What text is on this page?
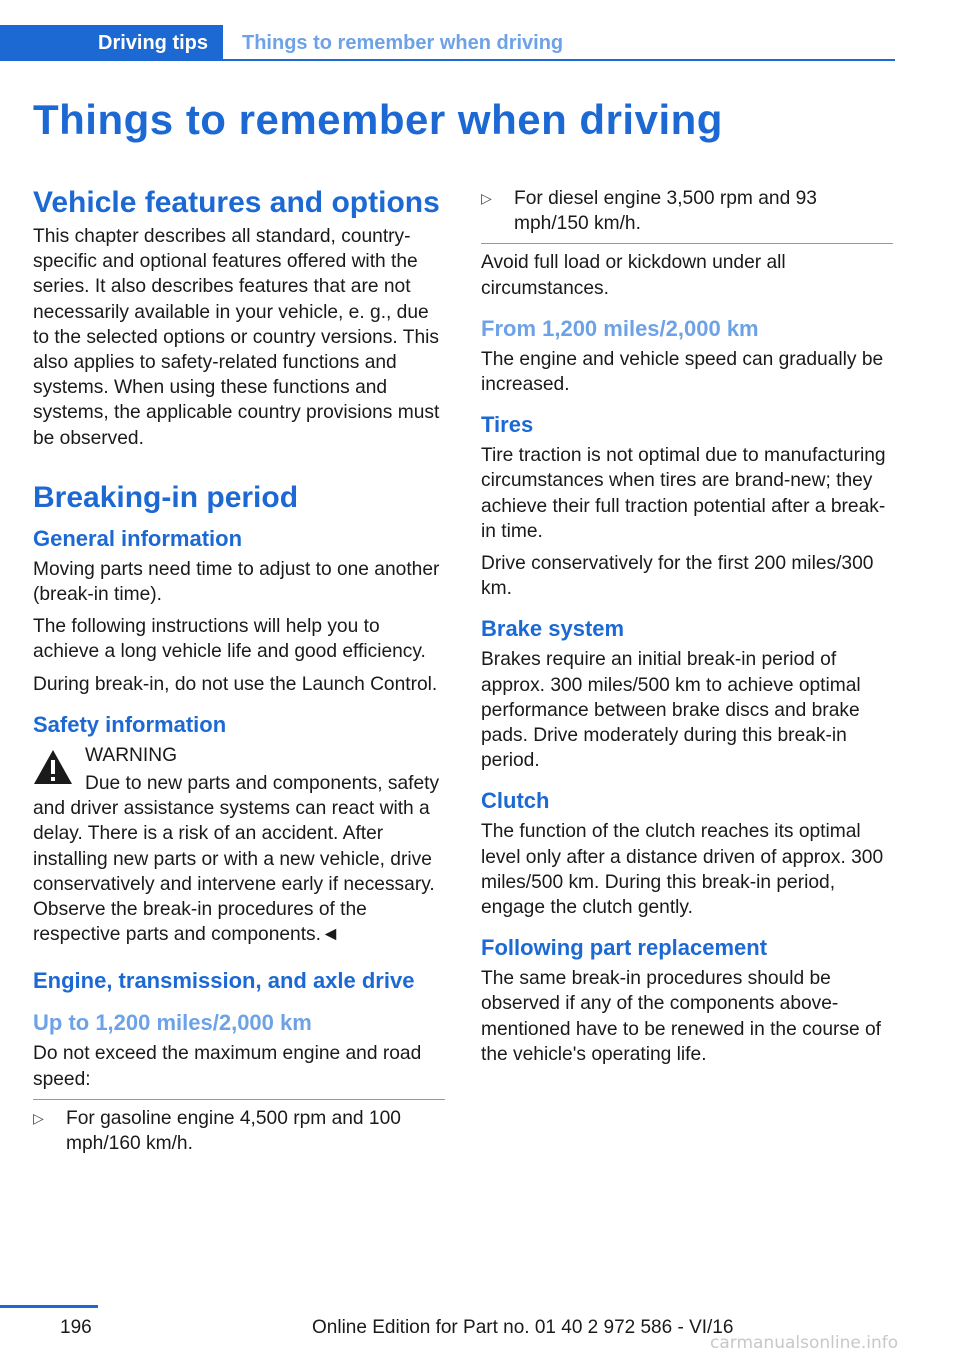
Driving tips	Things to remember when driving
Things to remember when driving
Vehicle features and options

This chapter describes all standard, country-specific and optional features offered with the series. It also describes features that are not necessarily available in your vehicle, e. g., due to the selected options or country versions. This also applies to safety-related functions and systems. When using these functions and systems, the applicable country provisions must be observed.

Breaking-in period
General information

Moving parts need time to adjust to one another (break-in time).

The following instructions will help you to achieve a long vehicle life and good efficiency.

During break-in, do not use the Launch Control.

Safety information

WARNING

Due to new parts and components, safety and driver assistance systems can react with a delay. There is a risk of an accident. After installing new parts or with a new vehicle, drive conservatively and intervene early if necessary. Observe the break-in procedures of the respective parts and components.◄

Engine, transmission, and axle drive
Up to 1,200 miles/2,000 km

Do not exceed the maximum engine and road speed:

▷ For gasoline engine 4,500 rpm and 100 mph/160 km/h.
▷ For diesel engine 3,500 rpm and 93 mph/150 km/h.

Avoid full load or kickdown under all circumstances.

From 1,200 miles/2,000 km

The engine and vehicle speed can gradually be increased.

Tires

Tire traction is not optimal due to manufacturing circumstances when tires are brand-new; they achieve their full traction potential after a break-in time.

Drive conservatively for the first 200 miles/300 km.

Brake system

Brakes require an initial break-in period of approx. 300 miles/500 km to achieve optimal performance between brake discs and brake pads. Drive moderately during this break-in period.

Clutch

The function of the clutch reaches its optimal level only after a distance driven of approx. 300 miles/500 km. During this break-in period, engage the clutch gently.

Following part replacement

The same break-in procedures should be observed if any of the components above-mentioned have to be renewed in the course of the vehicle's operating life.

196	Online Edition for Part no. 01 40 2 972 586 - VI/16
carmanualsonline.info
